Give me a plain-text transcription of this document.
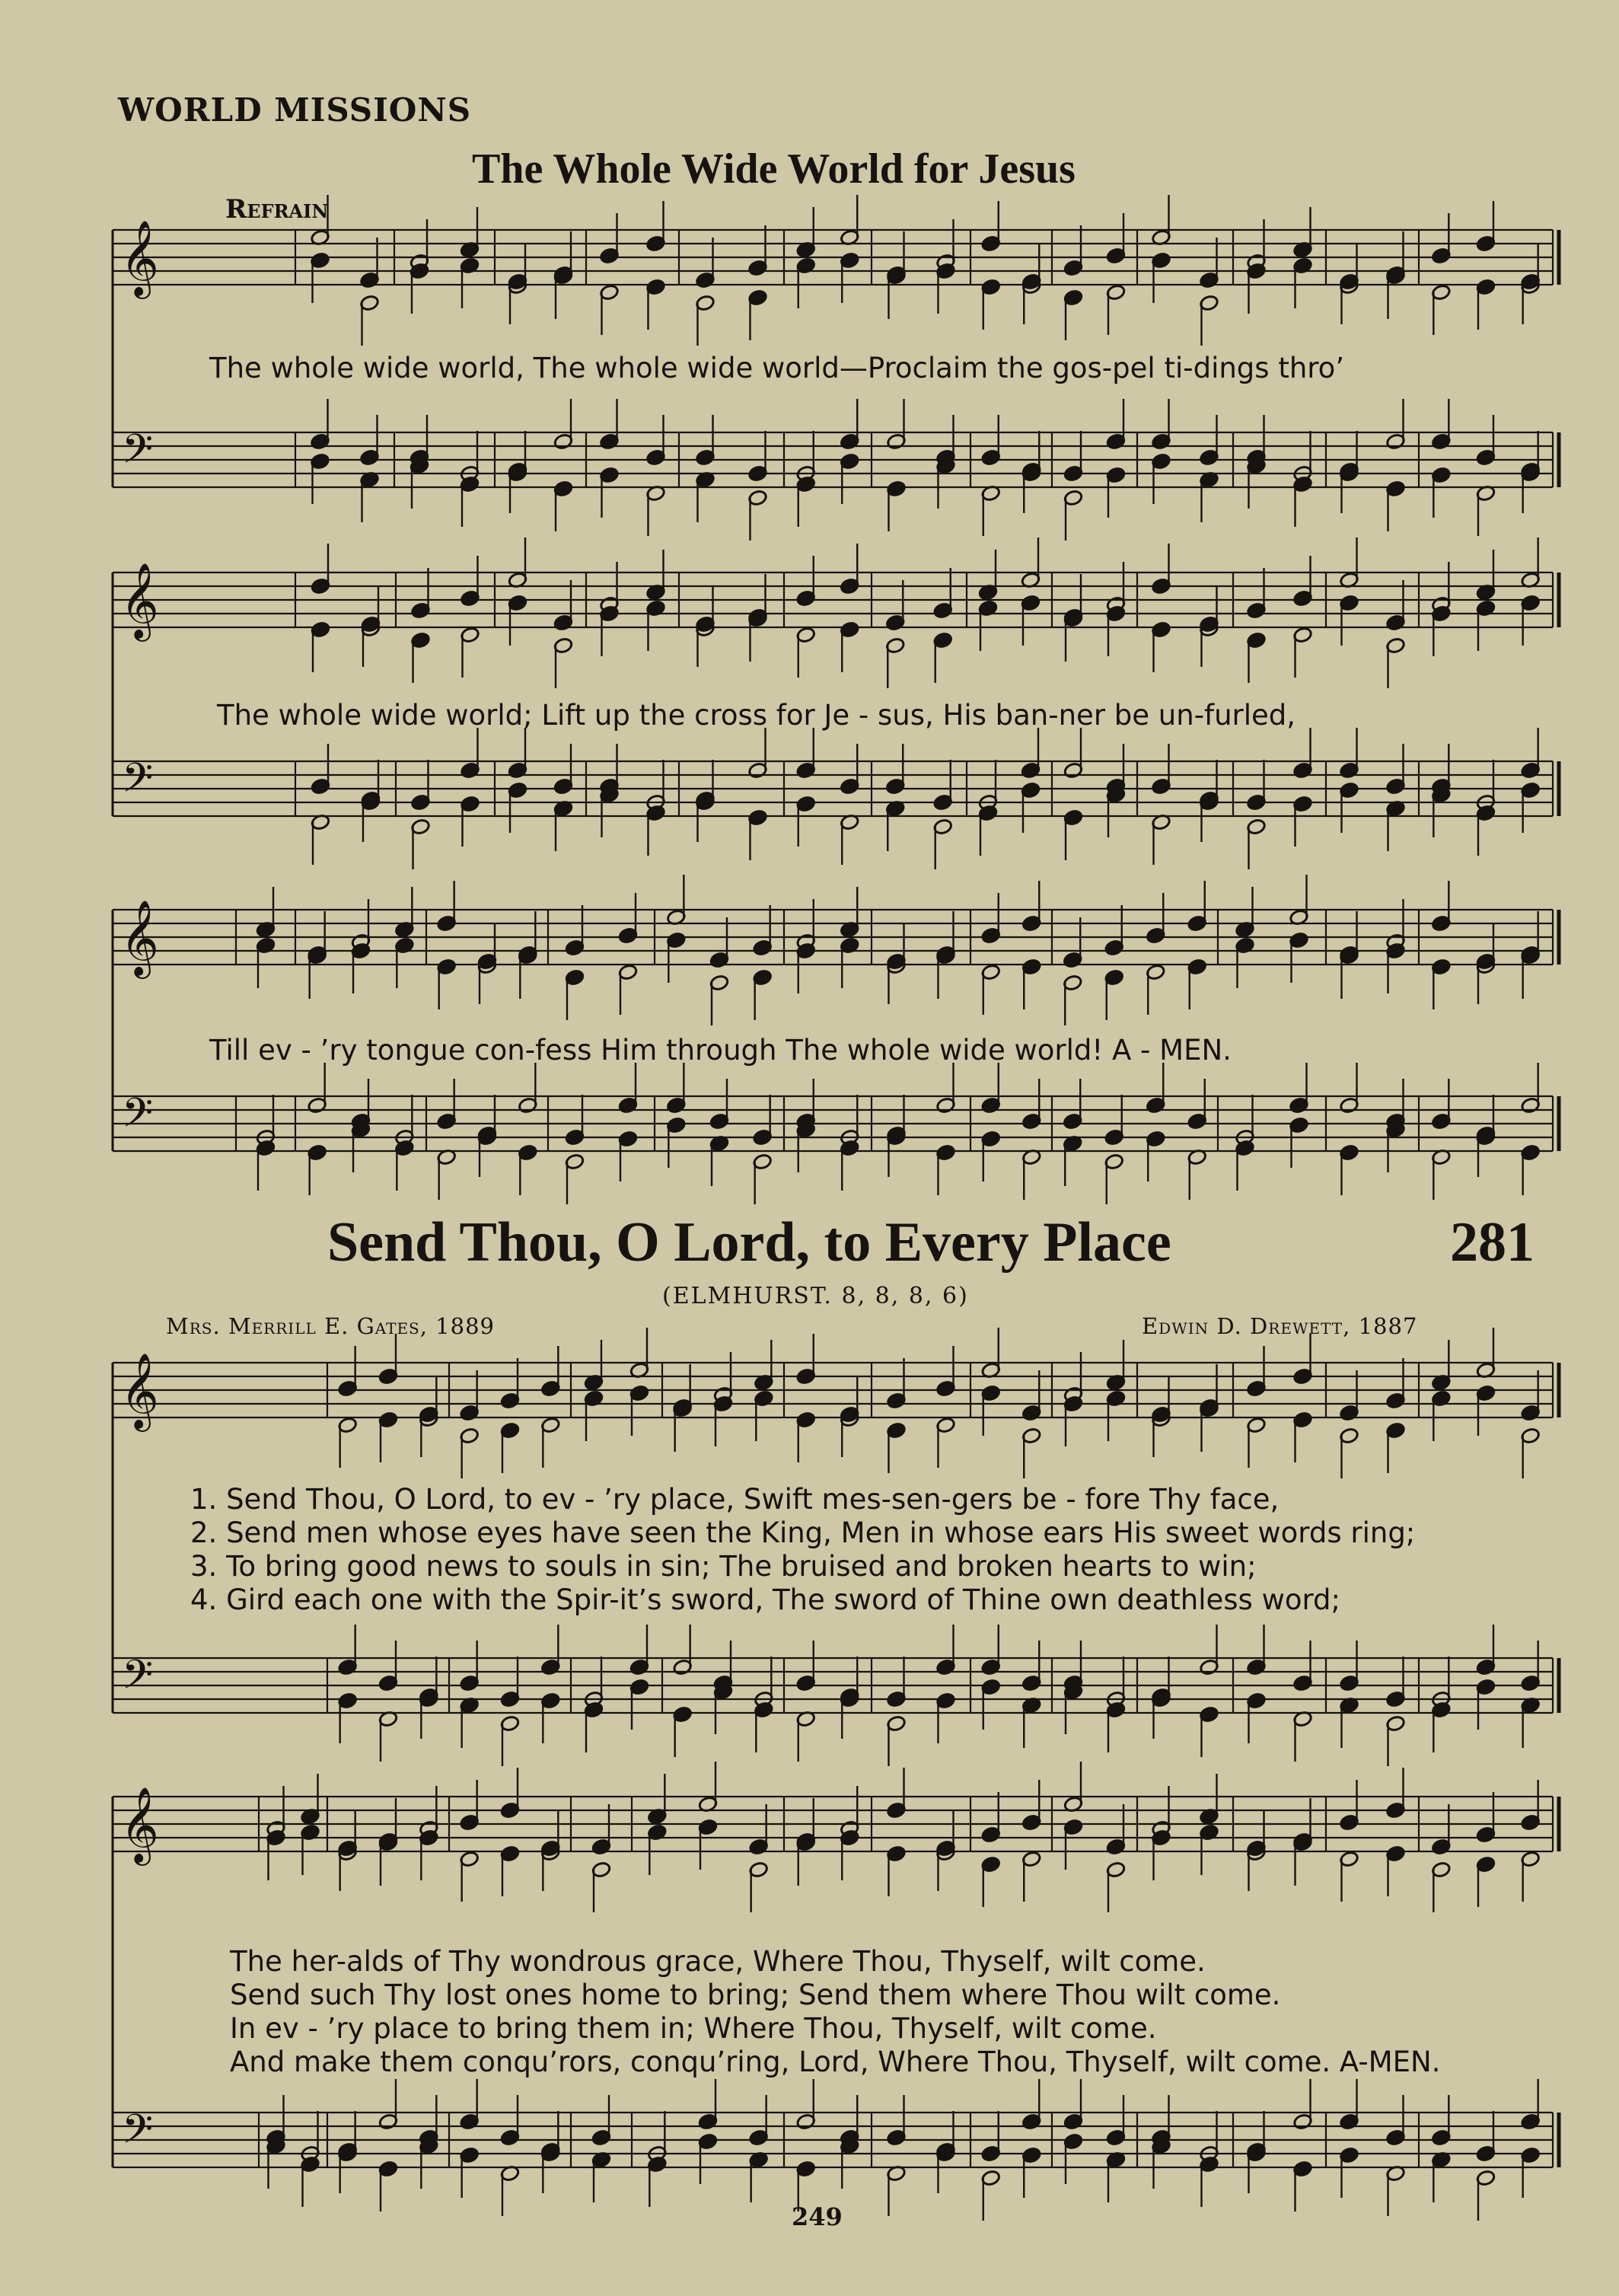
WORLD MISSIONS
The Whole Wide World for Jesus
Refrain
The whole wide world, The whole wide world—Proclaim the gos-pel ti-dings thro’
The whole wide world; Lift up the cross for Je - sus, His ban-ner be un-furled,
Till ev - ’ry tongue con-fess Him through The whole wide world! A - MEN.
Send Thou, O Lord, to Every Place	281
(ELMHURST. 8, 8, 8, 6)
Mrs. Merrill E. Gates, 1889	Edwin D. Drewett, 1887
1. Send Thou, O Lord, to ev - ’ry place, Swift mes-sen-gers be - fore Thy face,
2. Send men whose eyes have seen the King, Men in whose ears His sweet words ring;
3. To bring good news to souls in sin; The bruised and broken hearts to win;
4. Gird each one with the Spir-it’s sword, The sword of Thine own deathless word;
The her-alds of Thy wondrous grace, Where Thou, Thyself, wilt come.
Send such Thy lost ones home to bring; Send them where Thou wilt come.
In ev - ’ry place to bring them in; Where Thou, Thyself, wilt come.
And make them conqu’rors, conqu’ring, Lord, Where Thou, Thyself, wilt come. A-MEN.
249
𝄞
𝄢
𝄞
𝄢
𝄞
𝄢
𝄞
𝄢
𝄞
𝄢
